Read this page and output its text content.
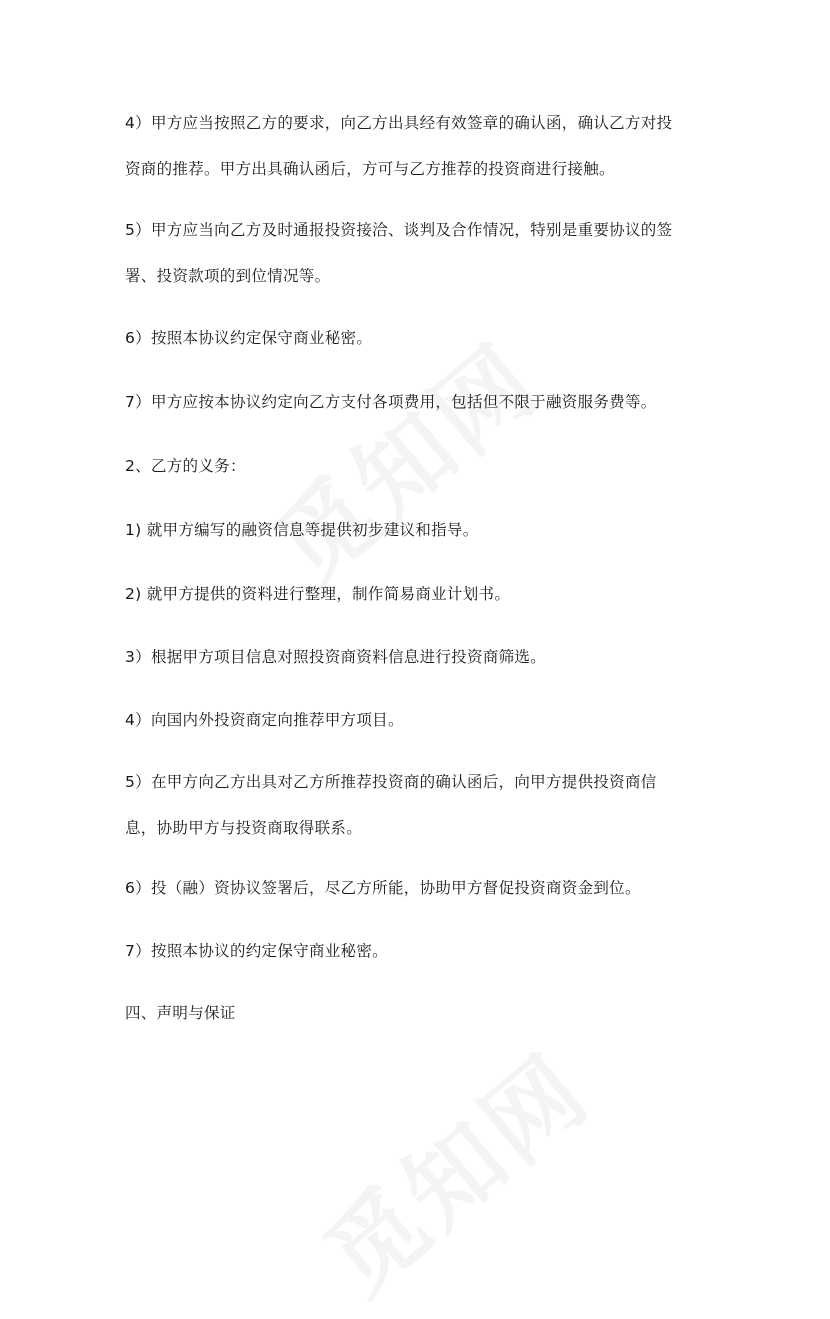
4）甲方应当按照乙方的要求，向乙方出具经有效签章的确认函，确认乙方对投
资商的推荐。甲方出具确认函后，方可与乙方推荐的投资商进行接触。
5）甲方应当向乙方及时通报投资接洽、谈判及合作情况，特别是重要协议的签
署、投资款项的到位情况等。
6）按照本协议约定保守商业秘密。
7）甲方应按本协议约定向乙方支付各项费用，包括但不限于融资服务费等。
2、乙方的义务：
1) 就甲方编写的融资信息等提供初步建议和指导。
2) 就甲方提供的资料进行整理，制作简易商业计划书。
3）根据甲方项目信息对照投资商资料信息进行投资商筛选。
4）向国内外投资商定向推荐甲方项目。
5）在甲方向乙方出具对乙方所推荐投资商的确认函后，向甲方提供投资商信
息，协助甲方与投资商取得联系。
6）投（融）资协议签署后，尽乙方所能，协助甲方督促投资商资金到位。
7）按照本协议的约定保守商业秘密。
四、声明与保证
